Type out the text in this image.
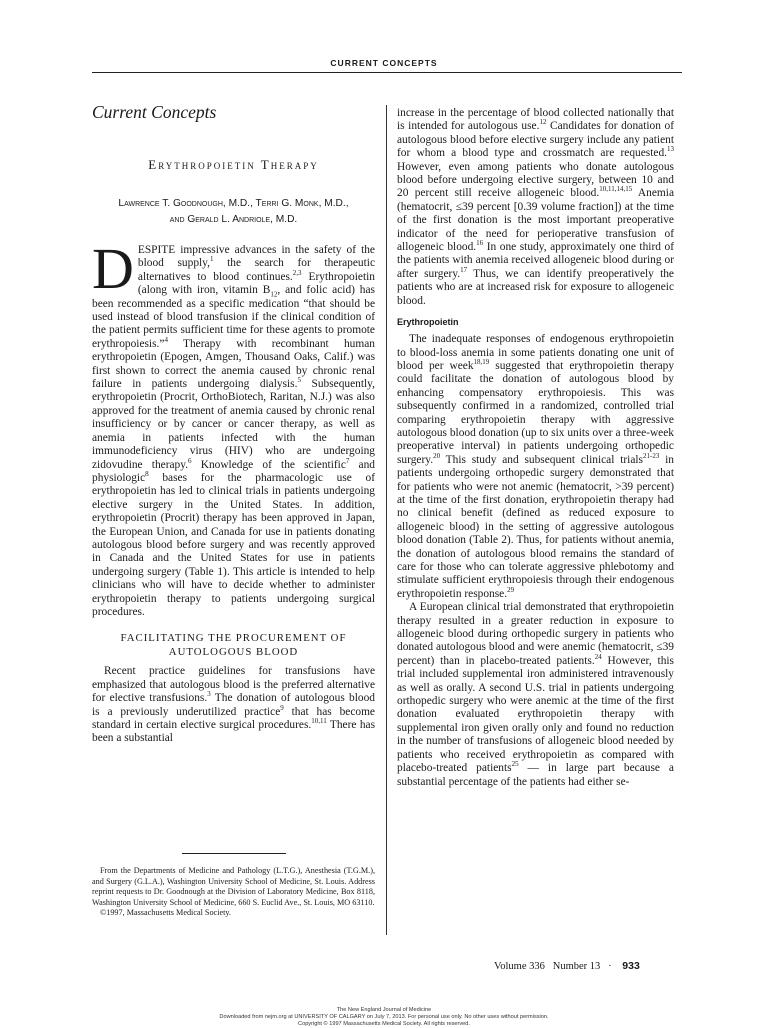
CURRENT CONCEPTS
Current Concepts
Erythropoietin Therapy
Lawrence T. Goodnough, M.D., Terri G. Monk, M.D.,
and Gerald L. Andriole, M.D.

DESPITE impressive advances in the safety of the blood supply,$^1$ the search for therapeutic alternatives to blood continues.$^{2,3}$ Erythropoietin (along with iron, vitamin $B_{12}$, and folic acid) has been recommended as a specific medication “that should be used instead of blood transfusion if the clinical condition of the patient permits sufficient time for these agents to promote erythropoiesis.”$^4$ Therapy with recombinant human erythropoietin (Epogen, Amgen, Thousand Oaks, Calif.) was first shown to correct the anemia caused by chronic renal failure in patients undergoing dialysis.$^5$ Subsequently, erythropoietin (Procrit, OrthoBiotech, Raritan, N.J.) was also approved for the treatment of anemia caused by chronic renal insufficiency or by cancer or cancer therapy, as well as anemia in patients infected with the human immunodeficiency virus (HIV) who are undergoing zidovudine therapy.$^6$ Knowledge of the scientific$^7$ and physiologic$^8$ bases for the pharmacologic use of erythropoietin has led to clinical trials in patients undergoing elective surgery in the United States. In addition, erythropoietin (Procrit) therapy has been approved in Japan, the European Union, and Canada for use in patients donating autologous blood before surgery and was recently approved in Canada and the United States for use in patients undergoing surgery (Table 1). This article is intended to help clinicians who will have to decide whether to administer erythropoietin therapy to patients undergoing surgical procedures.

FACILITATING THE PROCUREMENT OF AUTOLOGOUS BLOOD

Recent practice guidelines for transfusions have emphasized that autologous blood is the preferred alternative for elective transfusions.$^3$ The donation of autologous blood is a previously underutilized practice$^9$ that has become standard in certain elective surgical procedures.$^{10,11}$ There has been a substantial

From the Departments of Medicine and Pathology (L.T.G.), Anesthesia (T.G.M.), and Surgery (G.L.A.), Washington University School of Medicine, St. Louis. Address reprint requests to Dr. Goodnough at the Division of Laboratory Medicine, Box 8118, Washington University School of Medicine, 660 S. Euclid Ave., St. Louis, MO 63110.

©1997, Massachusetts Medical Society.

increase in the percentage of blood collected nationally that is intended for autologous use.$^{12}$ Candidates for donation of autologous blood before elective surgery include any patient for whom a blood type and crossmatch are requested.$^{13}$ However, even among patients who donate autologous blood before undergoing elective surgery, between 10 and 20 percent still receive allogeneic blood.$^{10,11,14,15}$ Anemia (hematocrit, ≤39 percent [0.39 volume fraction]) at the time of the first donation is the most important preoperative indicator of the need for perioperative transfusion of allogeneic blood.$^{16}$ In one study, approximately one third of the patients with anemia received allogeneic blood during or after surgery.$^{17}$ Thus, we can identify preoperatively the patients who are at increased risk for exposure to allogeneic blood.

Erythropoietin

The inadequate responses of endogenous erythropoietin to blood-loss anemia in some patients donating one unit of blood per week$^{18,19}$ suggested that erythropoietin therapy could facilitate the donation of autologous blood by enhancing compensatory erythropoiesis. This was subsequently confirmed in a randomized, controlled trial comparing erythropoietin therapy with aggressive autologous blood donation (up to six units over a three-week preoperative interval) in patients undergoing orthopedic surgery.$^{20}$ This study and subsequent clinical trials$^{21-23}$ in patients undergoing orthopedic surgery demonstrated that for patients who were not anemic (hematocrit, >39 percent) at the time of the first donation, erythropoietin therapy had no clinical benefit (defined as reduced exposure to allogeneic blood) in the setting of aggressive autologous blood donation (Table 2). Thus, for patients without anemia, the donation of autologous blood remains the standard of care for those who can tolerate aggressive phlebotomy and stimulate sufficient erythropoiesis through their endogenous erythropoietin response.$^{29}$

A European clinical trial demonstrated that erythropoietin therapy resulted in a greater reduction in exposure to allogeneic blood during orthopedic surgery in patients who donated autologous blood and were anemic (hematocrit, ≤39 percent) than in placebo-treated patients.$^{24}$ However, this trial included supplemental iron administered intravenously as well as orally. A second U.S. trial in patients undergoing orthopedic surgery who were anemic at the time of the first donation evaluated erythropoietin therapy with supplemental iron given orally only and found no reduction in the number of transfusions of allogeneic blood needed by patients who received erythropoietin as compared with placebo-treated patients$^{25}$ — in large part because a substantial percentage of the patients had either se-

Volume 336 Number 13 · 933
The New England Journal of Medicine
Downloaded from nejm.org at UNIVERSITY OF CALGARY on July 7, 2013. For personal use only. No other uses without permission.
Copyright © 1997 Massachusetts Medical Society. All rights reserved.
